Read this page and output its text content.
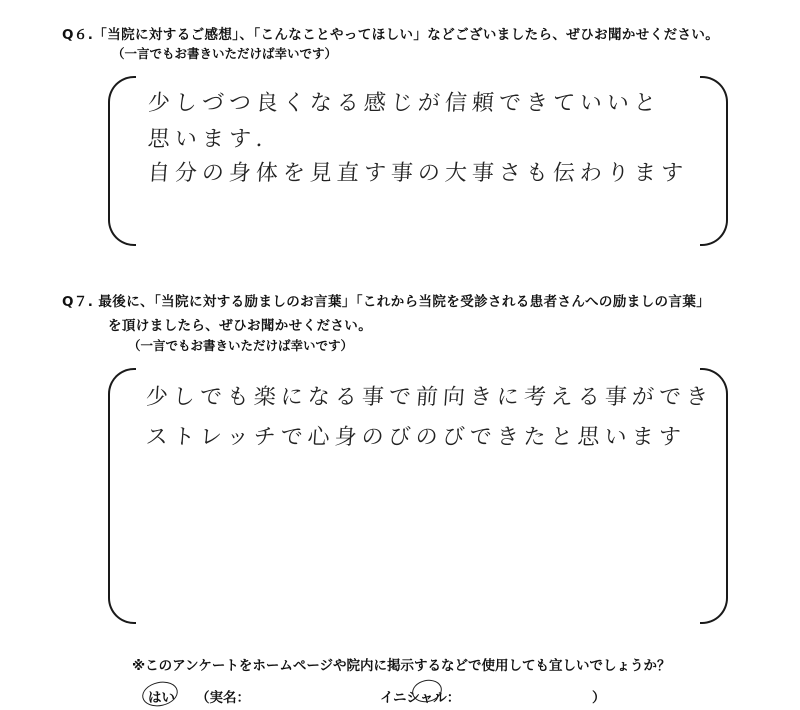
Q６.「当院に対するご感想」、「こんなことやってほしい」などございましたら、ぜひお聞かせください。
（一言でもお書きいただけば幸いです）
少しづつ良くなる感じが信頼できていいと
思います.
自分の身体を見直す事の大事さも伝わります
Q７. 最後に、「当院に対する励ましのお言葉」「これから当院を受診される患者さんへの励ましの言葉」
を頂けましたら、ぜひお聞かせください。
（一言でもお書きいただけば幸いです）
少しでも楽になる事で前向きに考える事ができ
ストレッチで心身のびのびできたと思います
※このアンケートをホームページや院内に掲示するなどで使用しても宜しいでしょうか？
はい （実名：	イニシャル：	）
